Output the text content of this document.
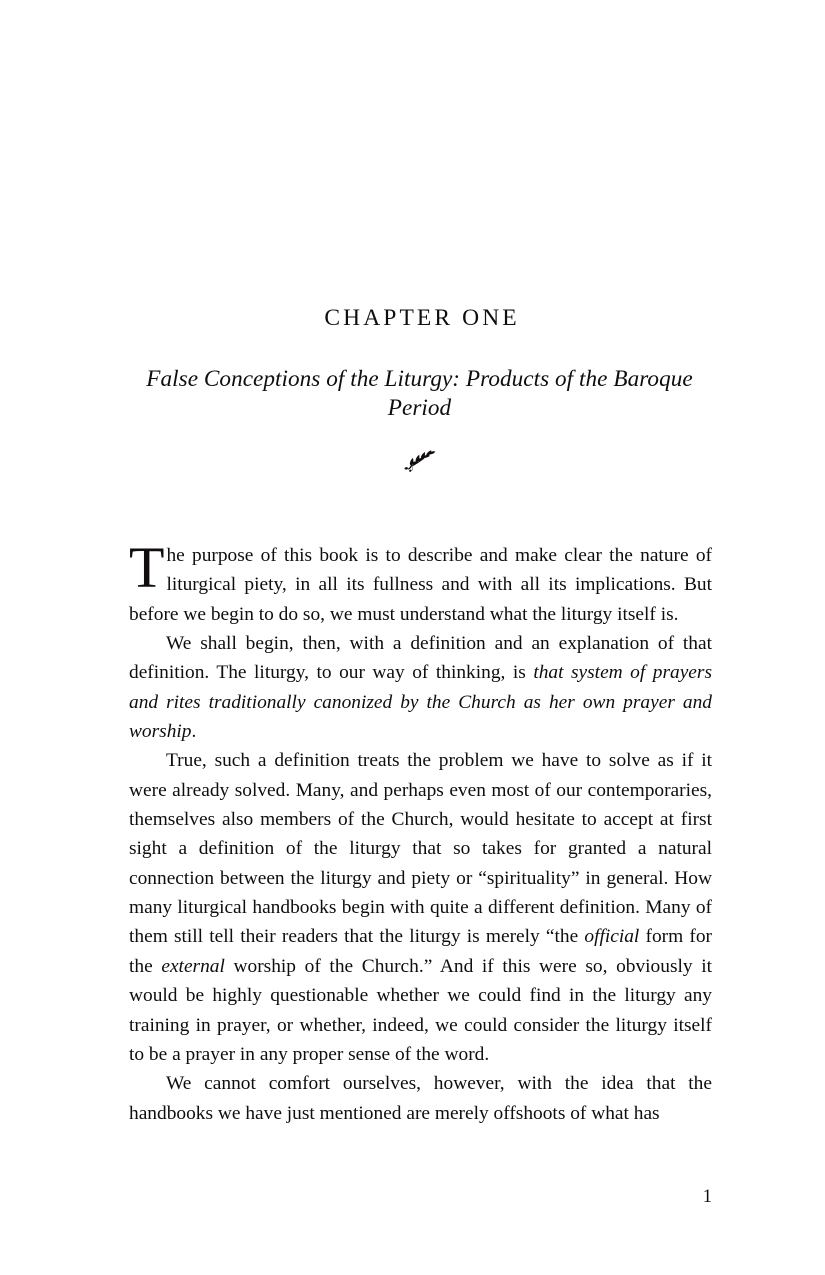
CHAPTER ONE
False Conceptions of the Liturgy: Products of the Baroque Period

The purpose of this book is to describe and make clear the nature of liturgical piety, in all its fullness and with all its implications. But before we begin to do so, we must understand what the liturgy itself is.

We shall begin, then, with a definition and an explanation of that definition. The liturgy, to our way of thinking, is that system of prayers and rites traditionally canonized by the Church as her own prayer and worship.

True, such a definition treats the problem we have to solve as if it were already solved. Many, and perhaps even most of our contemporaries, themselves also members of the Church, would hesitate to accept at first sight a definition of the liturgy that so takes for granted a natural connection between the liturgy and piety or “spirituality” in general. How many liturgical handbooks begin with quite a different definition. Many of them still tell their readers that the liturgy is merely “the official form for the external worship of the Church.” And if this were so, obviously it would be highly questionable whether we could find in the liturgy any training in prayer, or whether, indeed, we could consider the liturgy itself to be a prayer in any proper sense of the word.

We cannot comfort ourselves, however, with the idea that the handbooks we have just mentioned are merely offshoots of what has

1
